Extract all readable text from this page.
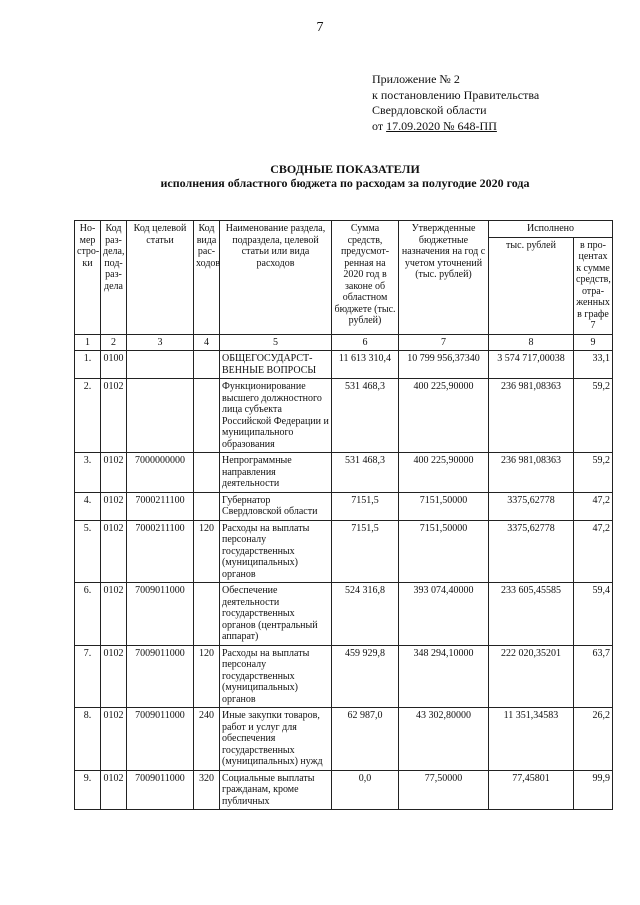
7
Приложение № 2
к постановлению Правительства
Свердловской области
от 17.09.2020 № 648-ПП
СВОДНЫЕ ПОКАЗАТЕЛИ
исполнения областного бюджета по расходам за полугодие 2020 года
Но-мер стро-ки	Код раз-дела, под-раз-дела	Код целевой статьи	Код вида рас-ходов	Наименование раздела, подраздела, целевой статьи или вида расходов	Сумма средств, предусмот-ренная на 2020 год в законе об областном бюджете (тыс. рублей)	Утвержденные бюджетные назначения на год с учетом уточнений (тыс. рублей)	Исполнено	
							тыс. рублей	в про-центах к сумме средств, отра-женных в графе 7
1	2	3	4	5	6	7	8	9
1.	0100			ОБЩЕГОСУДАРСТ-ВЕННЫЕ ВОПРОСЫ	11 613 310,4	10 799 956,37340	3 574 717,00038	33,1
2.	0102			Функционирование высшего должностного лица субъекта Российской Федерации и муниципального образования	531 468,3	400 225,90000	236 981,08363	59,2
3.	0102	7000000000		Непрограммные направления деятельности	531 468,3	400 225,90000	236 981,08363	59,2
4.	0102	7000211100		Губернатор Свердловской области	7151,5	7151,50000	3375,62778	47,2
5.	0102	7000211100	120	Расходы на выплаты персоналу государственных (муниципальных) органов	7151,5	7151,50000	3375,62778	47,2
6.	0102	7009011000		Обеспечение деятельности государственных органов (центральный аппарат)	524 316,8	393 074,40000	233 605,45585	59,4
7.	0102	7009011000	120	Расходы на выплаты персоналу государственных (муниципальных) органов	459 929,8	348 294,10000	222 020,35201	63,7
8.	0102	7009011000	240	Иные закупки товаров, работ и услуг для обеспечения государственных (муниципальных) нужд	62 987,0	43 302,80000	11 351,34583	26,2
9.	0102	7009011000	320	Социальные выплаты гражданам, кроме публичных	0,0	77,50000	77,45801	99,9
